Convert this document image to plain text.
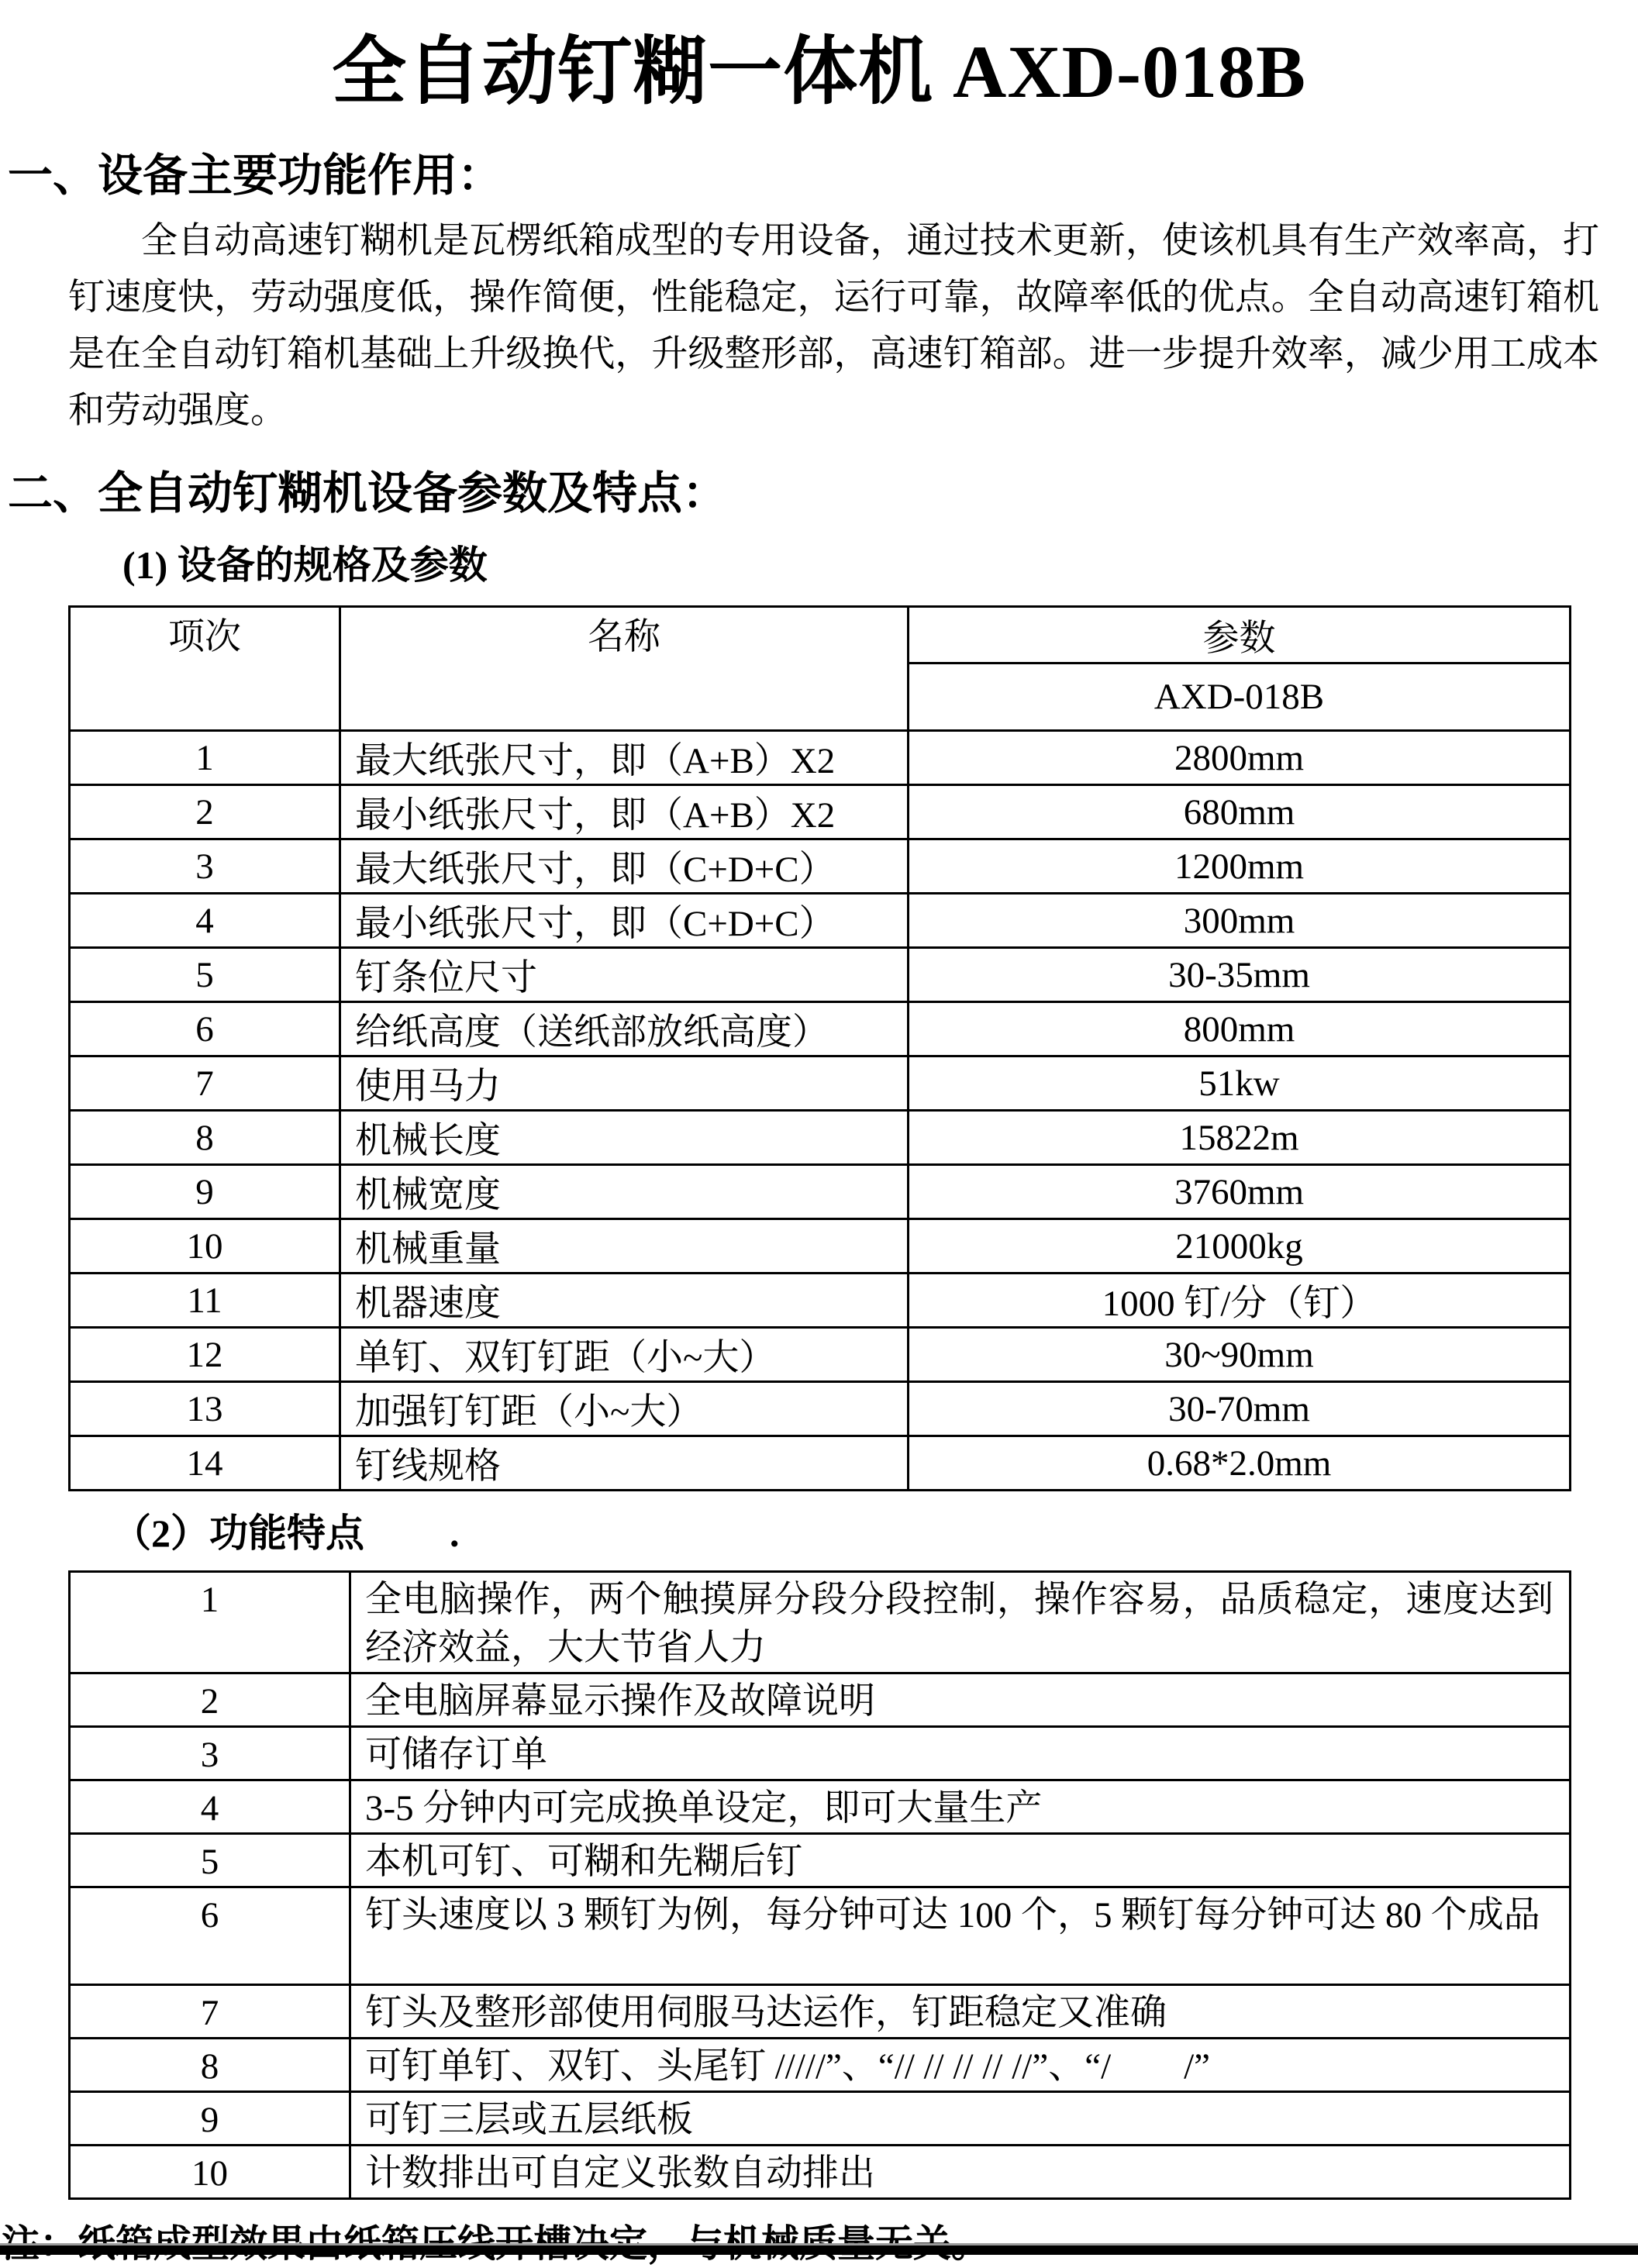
全自动钉糊一体机 AXD-018B
一、设备主要功能作用：

全自动高速钉糊机是瓦楞纸箱成型的专用设备，通过技术更新，使该机具有生产效率高，打钉速度快，劳动强度低，操作简便，性能稳定，运行可靠，故障率低的优点。全自动高速钉箱机是在全自动钉箱机基础上升级换代，升级整形部，高速钉箱部。进一步提升效率，减少用工成本和劳动强度。

二、全自动钉糊机设备参数及特点：
(1) 设备的规格及参数
项次	名称	参数
		AXD-018B
1	最大纸张尺寸，即（A+B）X2	2800mm
2	最小纸张尺寸，即（A+B）X2	680mm
3	最大纸张尺寸，即（C+D+C）	1200mm
4	最小纸张尺寸，即（C+D+C）	300mm
5	钉条位尺寸	30-35mm
6	给纸高度（送纸部放纸高度）	800mm
7	使用马力	51kw
8	机械长度	15822m
9	机械宽度	3760mm
10	机械重量	21000kg
11	机器速度	1000 钉/分（钉）
12	单钉、双钉钉距（小~大）	30~90mm
13	加强钉钉距（小~大）	30-70mm
14	钉线规格	0.68*2.0mm
（2）功能特点 .
1	全电脑操作，两个触摸屏分段分段控制，操作容易，品质稳定，速度达到经济效益，大大节省人力
2	全电脑屏幕显示操作及故障说明
3	可储存订单
4	3-5 分钟内可完成换单设定，即可大量生产
5	本机可钉、可糊和先糊后钉
6	钉头速度以 3 颗钉为例，每分钟可达 100 个，5 颗钉每分钟可达 80 个成品
7	钉头及整形部使用伺服马达运作，钉距稳定又准确
8	可钉单钉、双钉、头尾钉 /////”、“// // // // //”、“/　　/”
9	可钉三层或五层纸板
10	计数排出可自定义张数自动排出
